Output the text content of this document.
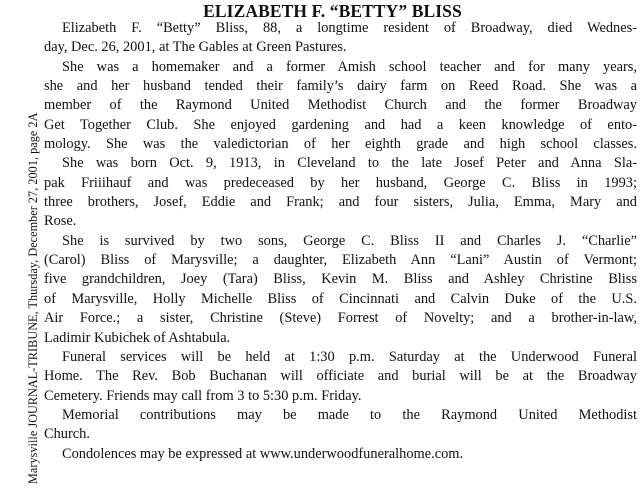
Marysville JOURNAL-TRIBUNE, Thursday, December 27, 2001, page 2A
ELIZABETH F. “BETTY” BLISS

Elizabeth F. “Betty” Bliss, 88, a longtime resident of Broadway, died Wednes-
day, Dec. 26, 2001, at The Gables at Green Pastures.

She was a homemaker and a former Amish school teacher and for many years,
she and her husband tended their family’s dairy farm on Reed Road. She was a
member of the Raymond United Methodist Church and the former Broadway
Get Together Club. She enjoyed gardening and had a keen knowledge of ento-
mology. She was the valedictorian of her eighth grade and high school classes.

She was born Oct. 9, 1913, in Cleveland to the late Josef Peter and Anna Sla-
pak Friiihauf and was predeceased by her husband, George C. Bliss in 1993;
three brothers, Josef, Eddie and Frank; and four sisters, Julia, Emma, Mary and
Rose.

She is survived by two sons, George C. Bliss II and Charles J. “Charlie”
(Carol) Bliss of Marysville; a daughter, Elizabeth Ann “Lani” Austin of Vermont;
five grandchildren, Joey (Tara) Bliss, Kevin M. Bliss and Ashley Christine Bliss
of Marysville, Holly Michelle Bliss of Cincinnati and Calvin Duke of the U.S.
Air Force.; a sister, Christine (Steve) Forrest of Novelty; and a brother-in-law,
Ladimir Kubichek of Ashtabula.

Funeral services will be held at 1:30 p.m. Saturday at the Underwood Funeral
Home. The Rev. Bob Buchanan will officiate and burial will be at the Broadway
Cemetery. Friends may call from 3 to 5:30 p.m. Friday.

Memorial contributions may be made to the Raymond United Methodist
Church.

Condolences may be expressed at www.underwoodfuneralhome.com.
